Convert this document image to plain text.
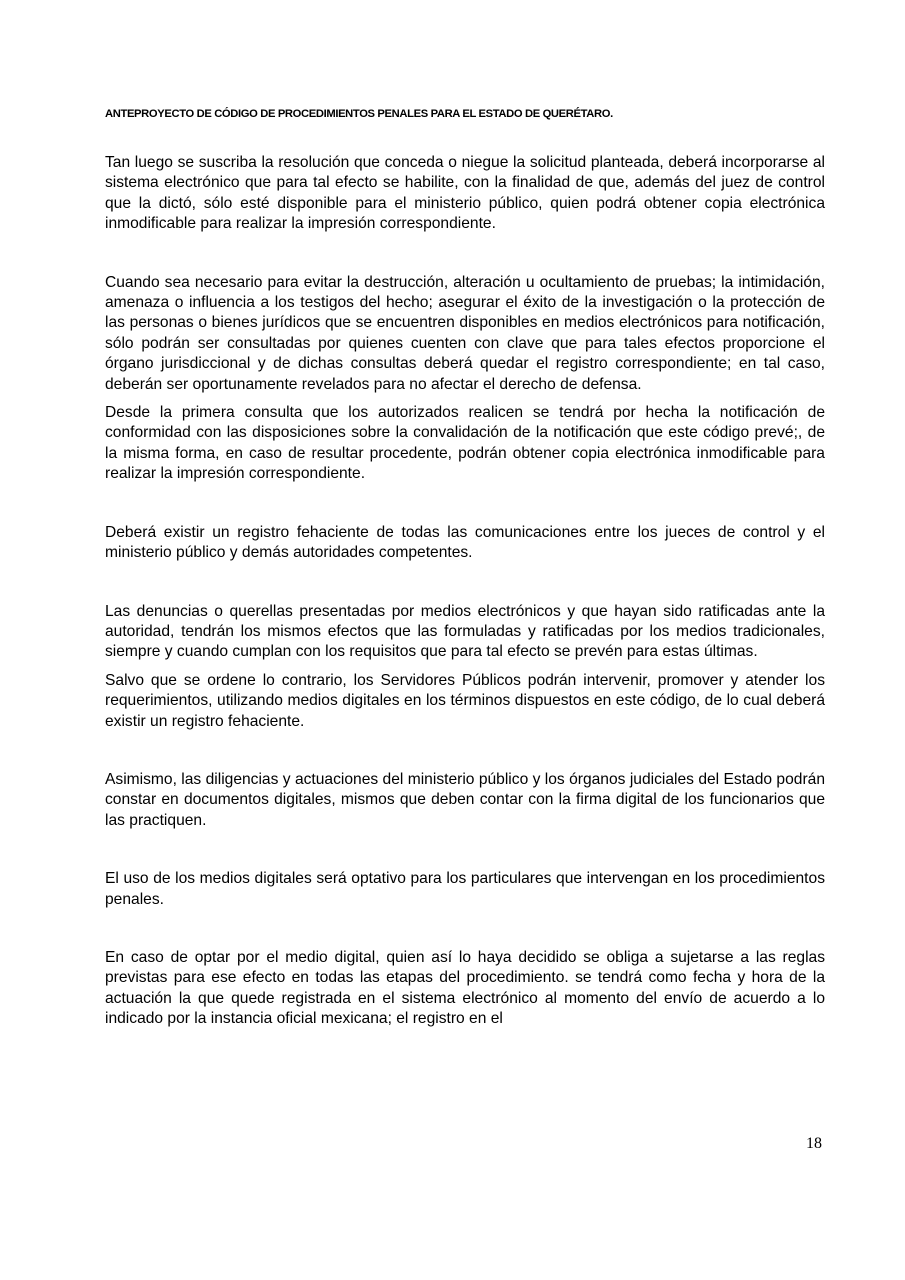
ANTEPROYECTO DE CÓDIGO DE PROCEDIMIENTOS PENALES PARA EL ESTADO DE QUERÉTARO.

Tan luego se suscriba la resolución que conceda o niegue la solicitud planteada, deberá incorporarse al sistema electrónico que para tal efecto se habilite, con la finalidad de que, además del juez de control que la dictó, sólo esté disponible para el ministerio público, quien podrá obtener copia electrónica inmodificable para realizar la impresión correspondiente.

Cuando sea necesario para evitar la destrucción, alteración u ocultamiento de pruebas; la intimidación, amenaza o influencia a los testigos del hecho; asegurar el éxito de la investigación o la protección de las personas o bienes jurídicos que se encuentren disponibles en medios electrónicos para notificación, sólo podrán ser consultadas por quienes cuenten con clave que para tales efectos proporcione el órgano jurisdiccional y de dichas consultas deberá quedar el registro correspondiente; en tal caso, deberán ser oportunamente revelados para no afectar el derecho de defensa.

Desde la primera consulta que los autorizados realicen se tendrá por hecha la notificación de conformidad con las disposiciones sobre la convalidación de la notificación que este código prevé;, de la misma forma, en caso de resultar procedente, podrán obtener copia electrónica inmodificable para realizar la impresión correspondiente.

Deberá existir un registro fehaciente de todas las comunicaciones entre los jueces de control y el ministerio público y demás autoridades competentes.

Las denuncias o querellas presentadas por medios electrónicos y que hayan sido ratificadas ante la autoridad, tendrán los mismos efectos que las formuladas y ratificadas por los medios tradicionales, siempre y cuando cumplan con los requisitos que para tal efecto se prevén para estas últimas.

Salvo que se ordene lo contrario, los Servidores Públicos podrán intervenir, promover y atender los requerimientos, utilizando medios digitales en los términos dispuestos en este código, de lo cual deberá existir un registro fehaciente.

Asimismo, las diligencias y actuaciones del ministerio público y los órganos judiciales del Estado podrán constar en documentos digitales, mismos que deben contar con la firma digital de los funcionarios que las practiquen.

El uso de los medios digitales será optativo para los particulares que intervengan en los procedimientos penales.

En caso de optar por el medio digital, quien así lo haya decidido se obliga a sujetarse a las reglas previstas para ese efecto en todas las etapas del procedimiento. se tendrá como fecha y hora de la actuación la que quede registrada en el sistema electrónico al momento del envío de acuerdo a lo indicado por la instancia oficial mexicana; el registro en el

18
